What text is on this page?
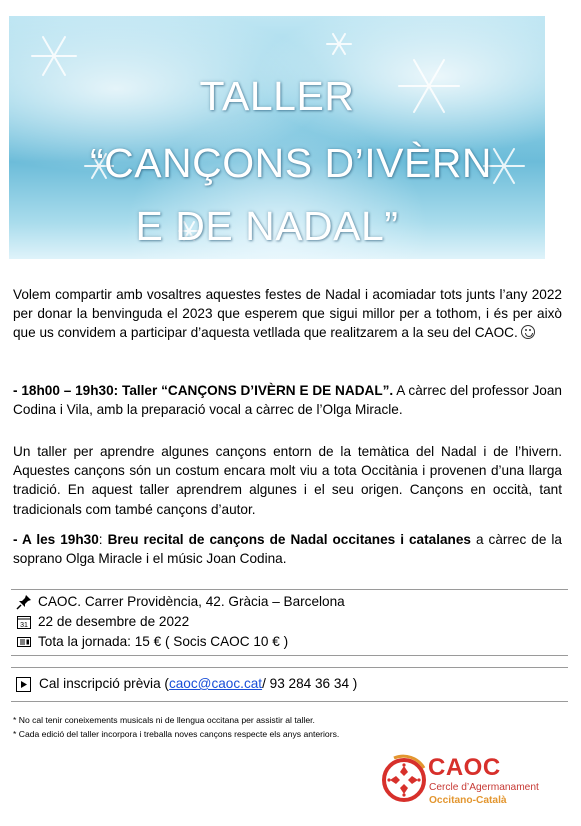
TALLER
“CANÇONS D’IVÈRN
E DE NADAL”
Volem compartir amb vosaltres aquestes festes de Nadal i acomiadar tots junts l’any 2022 per donar la benvinguda el 2023 que esperem que sigui millor per a tothom, i és per això que us convidem a participar d’aquesta vetllada que realitzarem a la seu del CAOC.
- 18h00 – 19h30: Taller “CANÇONS D’IVÈRN E DE NADAL”. A càrrec del professor Joan Codina i Vila, amb la preparació vocal a càrrec de l’Olga Miracle.
Un taller per aprendre algunes cançons entorn de la temàtica del Nadal i de l’hivern. Aquestes cançons són un costum encara molt viu a tota Occitània i provenen d’una llarga tradició. En aquest taller aprendrem algunes i el seu origen. Cançons en occità, tant tradicionals com també cançons d’autor.
- A les 19h30: Breu recital de cançons de Nadal occitanes i catalanes a càrrec de la soprano Olga Miracle i el músic Joan Codina.
CAOC. Carrer Providència, 42. Gràcia – Barcelona
31 22 de desembre de 2022
Tota la jornada: 15 € ( Socis CAOC 10 € )
Cal inscripció prèvia ( caoc@caoc.cat / 93 284 36 34 )
* No cal tenir coneixements musicals ni de llengua occitana per assistir al taller.
* Cada edició del taller incorpora i treballa noves cançons respecte els anys anteriors.
CAOC
Cercle d’Agermanament
Occitano-Català
